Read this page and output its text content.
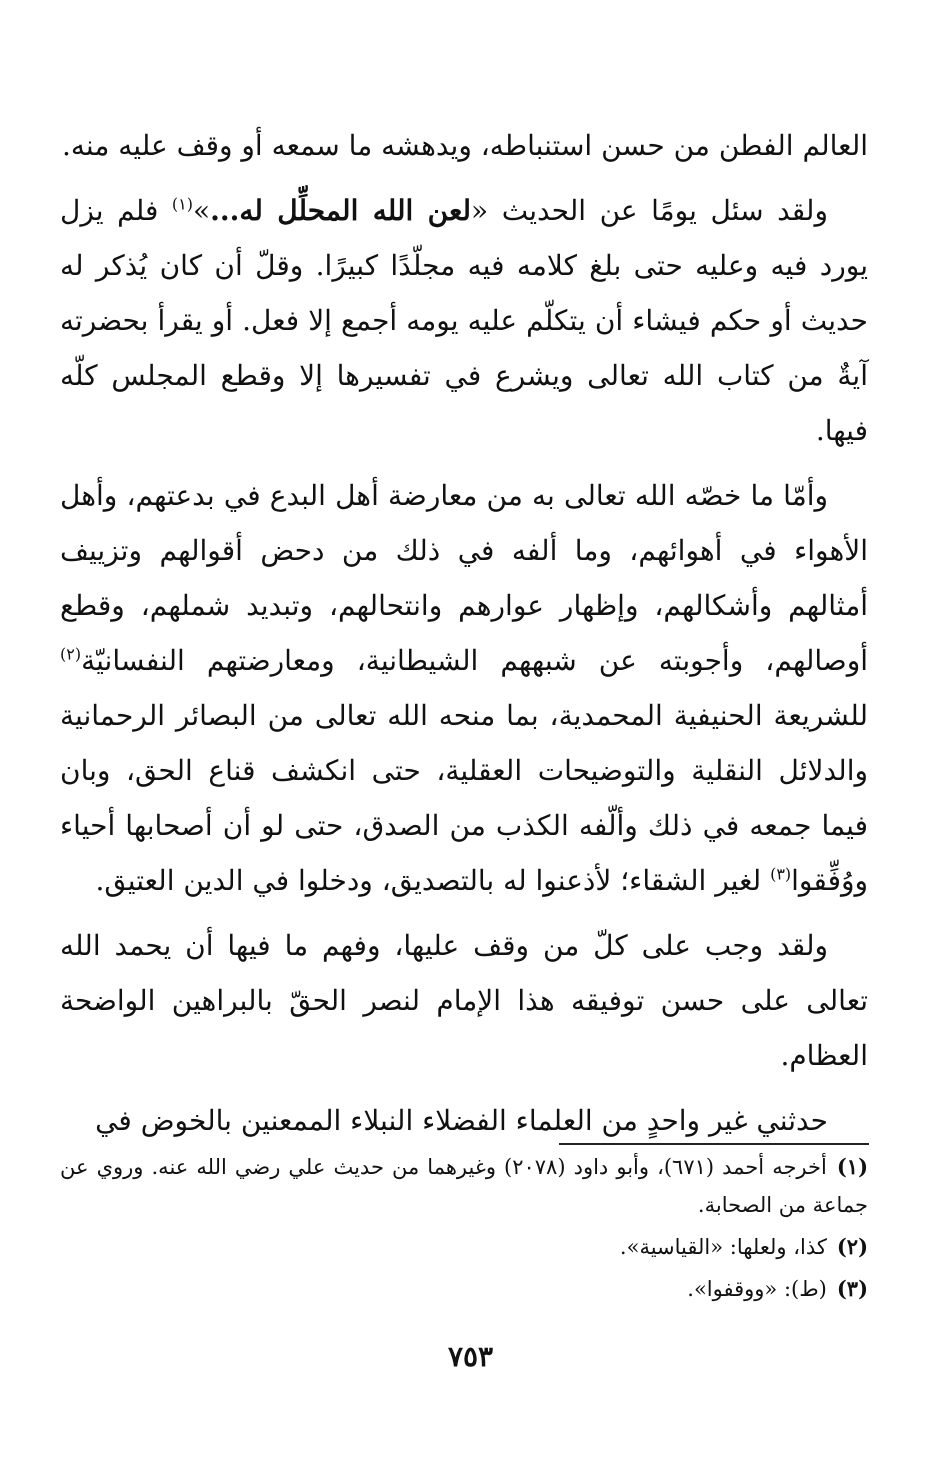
العالم الفطن من حسن استنباطه، ويدهشه ما سمعه أو وقف عليه منه.

ولقد سئل يومًا عن الحديث «لعن الله المحلِّل له...»$^{(١)}$ فلم يزل يورد فيه وعليه حتى بلغ كلامه فيه مجلّدًا كبيرًا. وقلّ أن كان يُذكر له حديث أو حكم فيشاء أن يتكلّم عليه يومه أجمع إلا فعل. أو يقرأ بحضرته آيةٌ من كتاب الله تعالى ويشرع في تفسيرها إلا وقطع المجلس كلّه فيها.

وأمّا ما خصّه الله تعالى به من معارضة أهل البدع في بدعتهم، وأهل الأهواء في أهوائهم، وما ألفه في ذلك من دحض أقوالهم وتزييف أمثالهم وأشكالهم، وإظهار عوارهم وانتحالهم، وتبديد شملهم، وقطع أوصالهم، وأجوبته عن شبههم الشيطانية، ومعارضتهم النفسانيّة$^{(٢)}$ للشريعة الحنيفية المحمدية، بما منحه الله تعالى من البصائر الرحمانية والدلائل النقلية والتوضيحات العقلية، حتى انكشف قناع الحق، وبان فيما جمعه في ذلك وألّفه الكذب من الصدق، حتى لو أن أصحابها أحياء ووُفِّقوا$^{(٣)}$ لغير الشقاء؛ لأذعنوا له بالتصديق، ودخلوا في الدين العتيق.

ولقد وجب على كلّ من وقف عليها، وفهم ما فيها أن يحمد الله تعالى على حسن توفيقه هذا الإمام لنصر الحقّ بالبراهين الواضحة العظام.

حدثني غير واحدٍ من العلماء الفضلاء النبلاء الممعنين بالخوض في

(١)أخرجه أحمد (٦٧١)، وأبو داود (٢٠٧٨) وغيرهما من حديث علي رضي الله عنه. وروي عن جماعة من الصحابة.
(٢)كذا، ولعلها: «القياسية».
(٣)(ط): «ووقفوا».
٧٥٣
